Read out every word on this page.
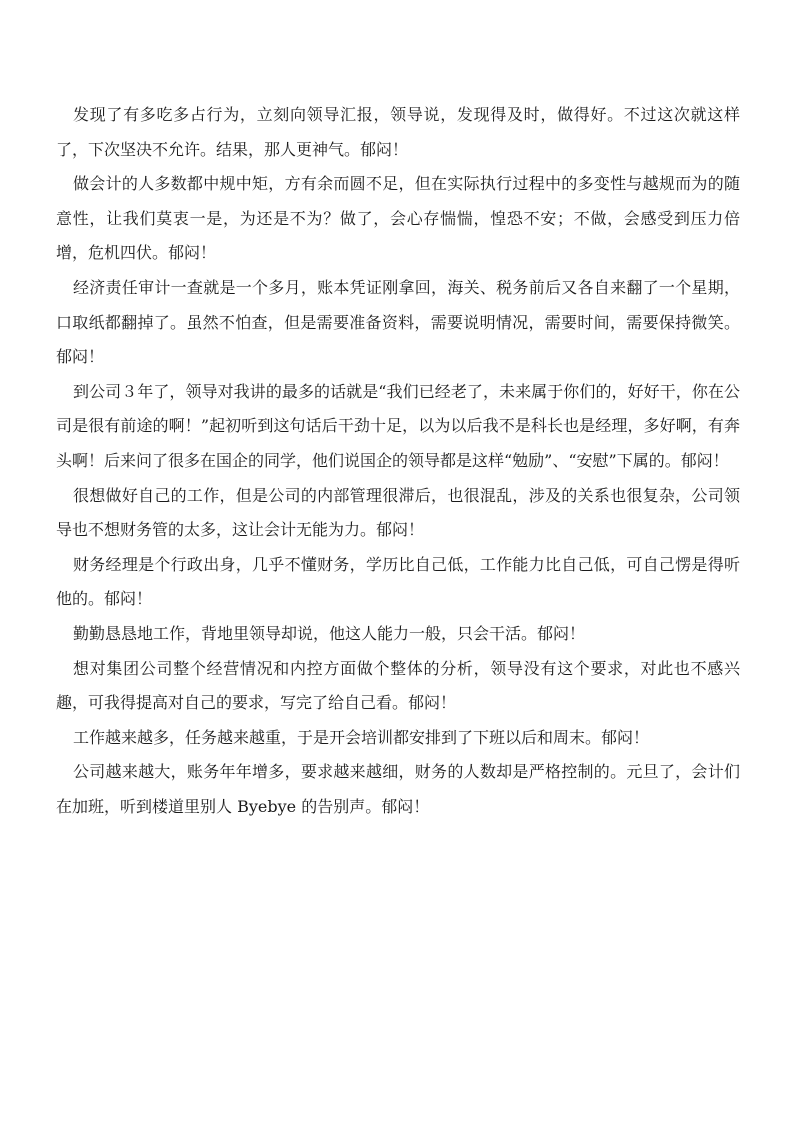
发现了有多吃多占行为，立刻向领导汇报，领导说，发现得及时，做得好。不过这次就这样了，下次坚决不允许。结果，那人更神气。郁闷！

做会计的人多数都中规中矩，方有余而圆不足，但在实际执行过程中的多变性与越规而为的随意性，让我们莫衷一是，为还是不为？做了，会心存惴惴，惶恐不安；不做，会感受到压力倍增，危机四伏。郁闷！

经济责任审计一查就是一个多月，账本凭证刚拿回，海关、税务前后又各自来翻了一个星期，口取纸都翻掉了。虽然不怕查，但是需要准备资料，需要说明情况，需要时间，需要保持微笑。郁闷！

到公司３年了，领导对我讲的最多的话就是“我们已经老了，未来属于你们的，好好干，你在公司是很有前途的啊！”起初听到这句话后干劲十足，以为以后我不是科长也是经理，多好啊，有奔头啊！后来问了很多在国企的同学，他们说国企的领导都是这样“勉励”、“安慰”下属的。郁闷！

很想做好自己的工作，但是公司的内部管理很滞后，也很混乱，涉及的关系也很复杂，公司领导也不想财务管的太多，这让会计无能为力。郁闷！

财务经理是个行政出身，几乎不懂财务，学历比自己低，工作能力比自己低，可自己愣是得听他的。郁闷！

勤勤恳恳地工作，背地里领导却说，他这人能力一般，只会干活。郁闷！

想对集团公司整个经营情况和内控方面做个整体的分析，领导没有这个要求，对此也不感兴趣，可我得提高对自己的要求，写完了给自己看。郁闷！

工作越来越多，任务越来越重，于是开会培训都安排到了下班以后和周末。郁闷！

公司越来越大，账务年年增多，要求越来越细，财务的人数却是严格控制的。元旦了，会计们在加班，听到楼道里别人 Byebye 的告别声。郁闷！
